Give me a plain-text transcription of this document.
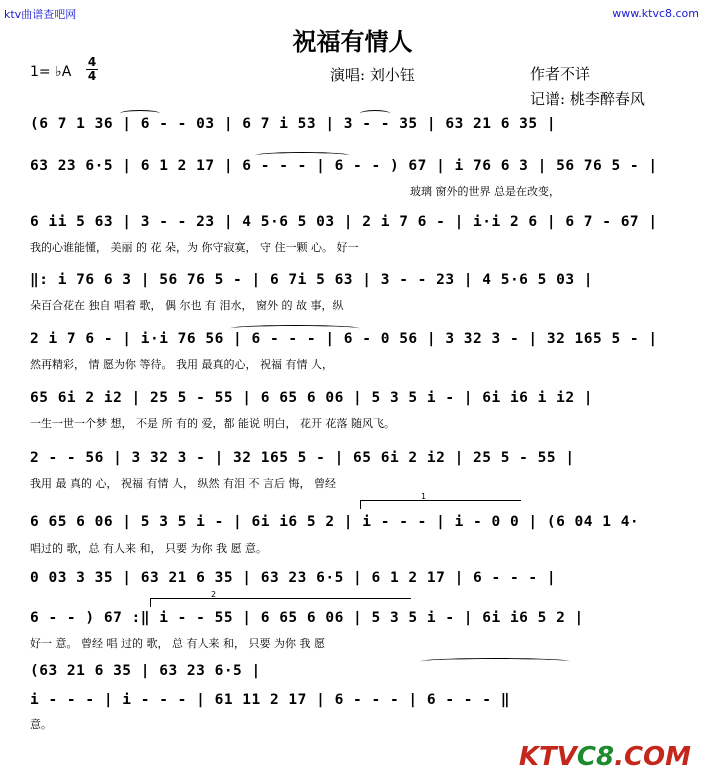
ktv曲谱查吧网	www.ktvc8.com
祝福有情人
1= ♭A
4
4	演唱: 刘小钰	作者不详
记谱: 桃李醉春风
(6 7 1 36 | 6 - - 03 | 6 7 i 53 | 3 - - 35 | 63 21 6 35 |
63 23 6·5 | 6 1 2 17 | 6 - - - | 6 - - ) 67 | i 76 6 3 | 56 76 5 - |
玻璃 窗外的世界 总是在改变，
6 ii 5 63 | 3 - - 23 | 4 5·6 5 03 | 2 i 7 6 - | i·i 2 6 | 6 7 - 67 |
我的心谁能懂， 美丽 的 花 朵，为 你守寂寞， 守 住一颗 心。 好一
‖: i 76 6 3 | 56 76 5 - | 6 7i 5 63 | 3 - - 23 | 4 5·6 5 03 |
朵百合花在 独自 唱着 歌， 偶 尔也 有 泪水， 窗外 的 故 事，纵
2 i 7 6 - | i·i 76 56 | 6 - - - | 6 - 0 56 | 3 32 3 - | 32 165 5 - |
然再精彩， 情 愿为你 等待。 我用 最真的心， 祝福 有情 人，
65 6i 2 i2 | 25 5 - 55 | 6 65 6 06 | 5 3 5 i - | 6i i6 i i2 |
一生一世一个梦 想， 不是 所 有的 爱，都 能说 明白， 花开 花落 随风飞。
2 - - 56 | 3 32 3 - | 32 165 5 - | 65 6i 2 i2 | 25 5 - 55 |
我用 最 真的 心， 祝福 有情 人， 纵然 有泪 不 言后 悔， 曾经
1
6 65 6 06 | 5 3 5 i - | 6i i6 5 2 | i - - - | i - 0 0 | (6 04 1 4·
唱过的 歌，总 有人来 和， 只要 为你 我 愿 意。
0 03 3 35 | 63 21 6 35 | 63 23 6·5 | 6 1 2 17 | 6 - - - |
2
6 - - ) 67 :‖ i - - 55 | 6 65 6 06 | 5 3 5 i - | 6i i6 5 2 |
好一 意。 曾经 唱 过的 歌， 总 有人来 和， 只要 为你 我 愿
(63 21 6 35 | 63 23 6·5 |
i - - - | i - - - | 61 11 2 17 | 6 - - - | 6 - - - ‖
意。
KTVC8.COM
